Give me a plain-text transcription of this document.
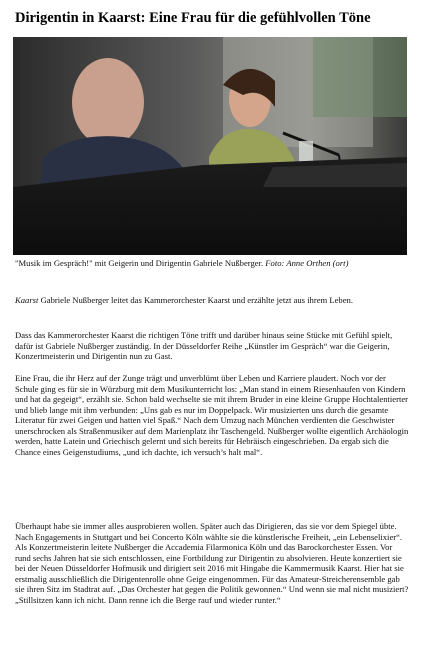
Dirigentin in Kaarst: Eine Frau für die gefühlvollen Töne

"Musik im Gespräch!" mit Geigerin und Dirigentin Gabriele Nußberger. Foto: Anne Orthen (ort)

Kaarst Gabriele Nußberger leitet das Kammerorchester Kaarst und erzählte jetzt aus ihrem Leben.

Dass das Kammerorchester Kaarst die richtigen Töne trifft und darüber hinaus seine Stücke mit Gefühl spielt, dafür ist Gabriele Nußberger zuständig. In der Düsseldorfer Reihe „Künstler im Gespräch“ war die Geigerin, Konzertmeisterin und Dirigentin nun zu Gast.

Eine Frau, die ihr Herz auf der Zunge trägt und unverblümt über Leben und Karriere plaudert. Noch vor der Schule ging es für sie in Würzburg mit dem Musikunterricht los: „Man stand in einem Riesenhaufen von Kindern und hat da gegeigt“, erzählt sie. Schon bald wechselte sie mit ihrem Bruder in eine kleine Gruppe Hochtalentierter und blieb lange mit ihm verbunden: „Uns gab es nur im Doppelpack. Wir musizierten uns durch die gesamte Literatur für zwei Geigen und hatten viel Spaß.“ Nach dem Umzug nach München verdienten die Geschwister unerschrocken als Straßenmusiker auf dem Marienplatz ihr Taschengeld. Nußberger wollte eigentlich Archäologin werden, hatte Latein und Griechisch gelernt und sich bereits für Hebräisch eingeschrieben. Da ergab sich die Chance eines Geigenstudiums, „und ich dachte, ich versuch’s halt mal“.

Überhaupt habe sie immer alles ausprobieren wollen. Später auch das Dirigieren, das sie vor dem Spiegel übte. Nach Engagements in Stuttgart und bei Concerto Köln wählte sie die künstlerische Freiheit, „ein Lebenselixier“. Als Konzertmeisterin leitete Nußberger die Accademia Filarmonica Köln und das Barockorchester Essen. Vor rund sechs Jahren hat sie sich entschlossen, eine Fortbildung zur Dirigentin zu absolvieren. Heute konzertiert sie bei der Neuen Düsseldorfer Hofmusik und dirigiert seit 2016 mit Hingabe die Kammermusik Kaarst. Hier hat sie erstmalig ausschließlich die Dirigentenrolle ohne Geige eingenommen. Für das Amateur-Streicherensemble gab sie ihren Sitz im Stadtrat auf. „Das Orchester hat gegen die Politik gewonnen.“ Und wenn sie mal nicht musiziert? „Stillsitzen kann ich nicht. Dann renne ich die Berge rauf und wieder runter.“
